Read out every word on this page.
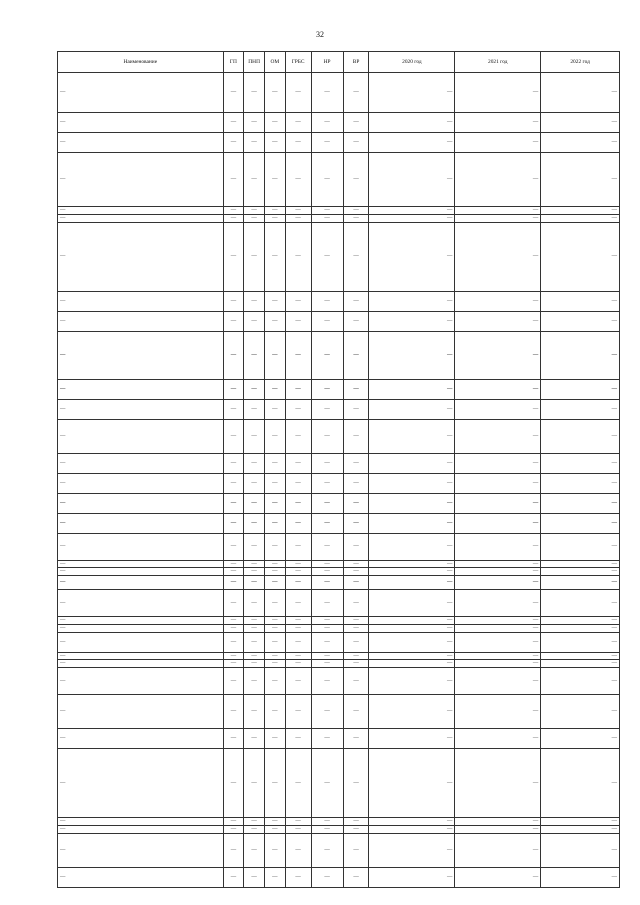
32
Наименование	ГП	ПНП	ОМ	ГРБС	НР	ВР	2020 год	2021 год	2022 год
—	—	—	—	—	—	—	—	—	—
—	—	—	—	—	—	—	—	—	—
—	—	—	—	—	—	—	—	—	—
—	—	—	—	—	—	—	—	—	—
—	—	—	—	—	—	—	—	—	—
—	—	—	—	—	—	—	—	—	—
—	—	—	—	—	—	—	—	—	—
—	—	—	—	—	—	—	—	—	—
—	—	—	—	—	—	—	—	—	—
—	—	—	—	—	—	—	—	—	—
—	—	—	—	—	—	—	—	—	—
—	—	—	—	—	—	—	—	—	—
—	—	—	—	—	—	—	—	—	—
—	—	—	—	—	—	—	—	—	—
—	—	—	—	—	—	—	—	—	—
—	—	—	—	—	—	—	—	—	—
—	—	—	—	—	—	—	—	—	—
—	—	—	—	—	—	—	—	—	—
—	—	—	—	—	—	—	—	—	—
—	—	—	—	—	—	—	—	—	—
—	—	—	—	—	—	—	—	—	—
—	—	—	—	—	—	—	—	—	—
—	—	—	—	—	—	—	—	—	—
—	—	—	—	—	—	—	—	—	—
—	—	—	—	—	—	—	—	—	—
—	—	—	—	—	—	—	—	—	—
—	—	—	—	—	—	—	—	—	—
—	—	—	—	—	—	—	—	—	—
—	—	—	—	—	—	—	—	—	—
—	—	—	—	—	—	—	—	—	—
—	—	—	—	—	—	—	—	—	—
—	—	—	—	—	—	—	—	—	—
—	—	—	—	—	—	—	—	—	—
—	—	—	—	—	—	—	—	—	—
—	—	—	—	—	—	—	—	—	—
